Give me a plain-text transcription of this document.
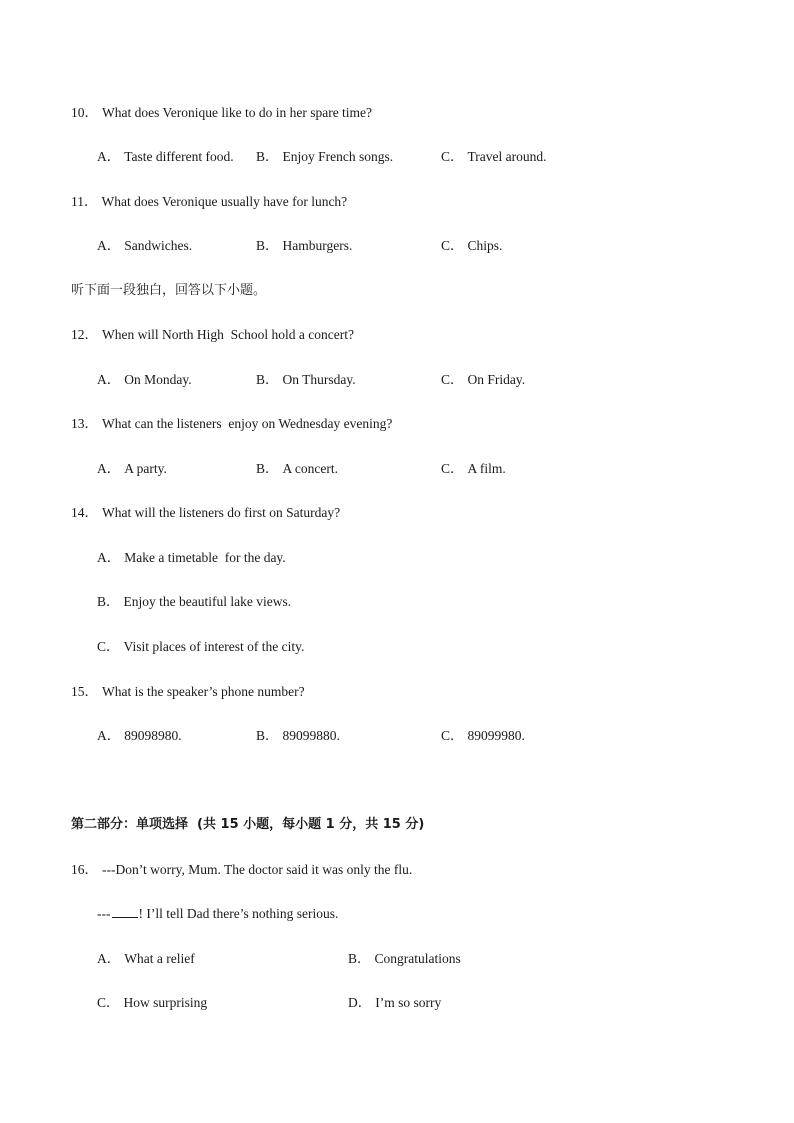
10． What does Veronique like to do in her spare time?
A． Taste different food. B． Enjoy French songs.	C． Travel around.
11． What does Veronique usually have for lunch?
A． Sandwiches.	B． Hamburgers.	C． Chips.
听下面一段独白，回答以下小题。
12． When will North High  School hold a concert?
A． On Monday.	B． On Thursday.	C． On Friday.
13． What can the listeners  enjoy on Wednesday evening?
A． A party.	B． A concert.	C． A film.
14． What will the listeners do first on Saturday?
A． Make a timetable  for the day.
B． Enjoy the beautiful lake views.
C． Visit places of interest of the city.
15． What is the speaker’s phone number?
A． 89098980.	B． 89099880.	C． 89099980.
第二部分：单项选择  (共 15 小题，每小题 1 分，共 15 分)
16． ---Don’t worry, Mum. The doctor said it was only the flu.
--- ! I’ll tell Dad there’s nothing serious.
A． What a relief	B． Congratulations
C． How surprising	D． I’m so sorry
